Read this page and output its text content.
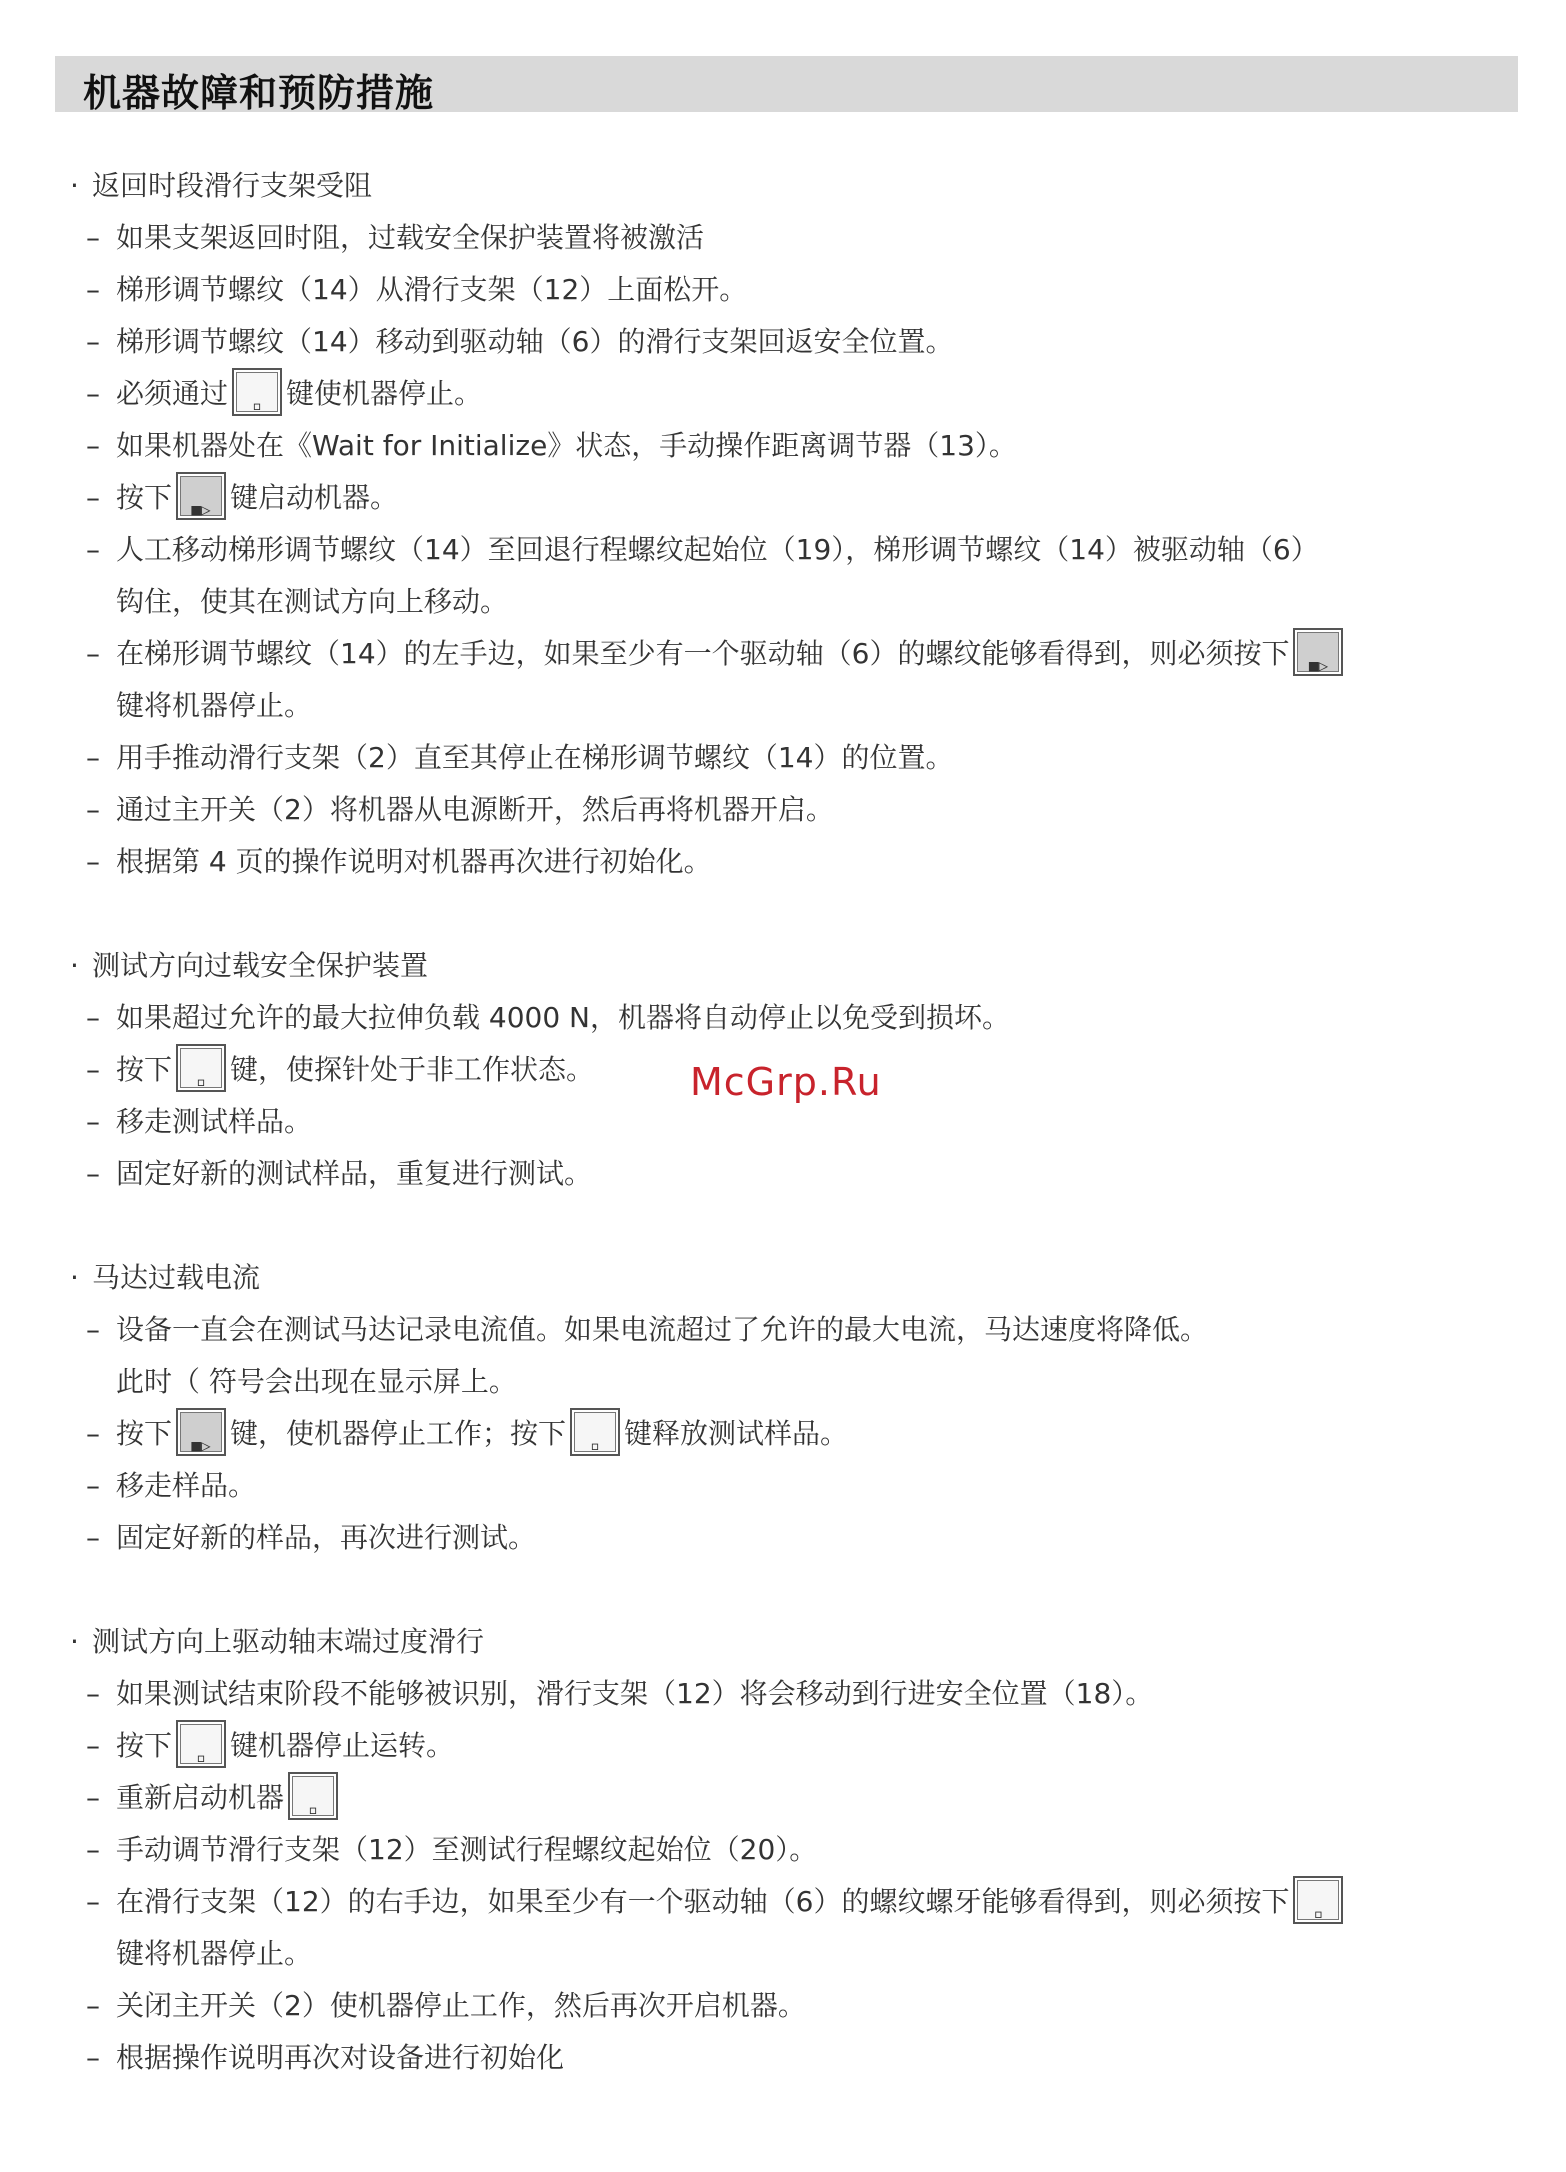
机器故障和预防措施
· 返回时段滑行支架受阻
– 如果支架返回时阻，过载安全保护装置将被激活
– 梯形调节螺纹（14）从滑行支架（12）上面松开。
– 梯形调节螺纹（14）移动到驱动轴（6）的滑行支架回返安全位置。
– 必须通过	▫ 键使机器停止。
– 如果机器处在《Wait for Initialize》状态，手动操作距离调节器（13）。
– 按下	■▷ 键启动机器。
– 人工移动梯形调节螺纹（14）至回退行程螺纹起始位（19），梯形调节螺纹（14）被驱动轴（6）
钩住，使其在测试方向上移动。
– 在梯形调节螺纹（14）的左手边，如果至少有一个驱动轴（6）的螺纹能够看得到，则必须按下	■▷
键将机器停止。
– 用手推动滑行支架（2）直至其停止在梯形调节螺纹（14）的位置。
– 通过主开关（2）将机器从电源断开，然后再将机器开启。
– 根据第 4 页的操作说明对机器再次进行初始化。
· 测试方向过载安全保护装置
– 如果超过允许的最大拉伸负载 4000 N，机器将自动停止以免受到损坏。
– 按下	▫ 键，使探针处于非工作状态。
– 移走测试样品。
– 固定好新的测试样品，重复进行测试。
· 马达过载电流
– 设备一直会在测试马达记录电流值。如果电流超过了允许的最大电流，马达速度将降低。
此时（ 符号会出现在显示屏上。
– 按下	■▷ 键，使机器停止工作；按下	▫ 键释放测试样品。
– 移走样品。
– 固定好新的样品，再次进行测试。
· 测试方向上驱动轴末端过度滑行
– 如果测试结束阶段不能够被识别，滑行支架（12）将会移动到行进安全位置（18）。
– 按下	▫ 键机器停止运转。
– 重新启动机器	▫
– 手动调节滑行支架（12）至测试行程螺纹起始位（20）。
– 在滑行支架（12）的右手边，如果至少有一个驱动轴（6）的螺纹螺牙能够看得到，则必须按下	▫
键将机器停止。
– 关闭主开关（2）使机器停止工作，然后再次开启机器。
– 根据操作说明再次对设备进行初始化
McGrp.Ru
